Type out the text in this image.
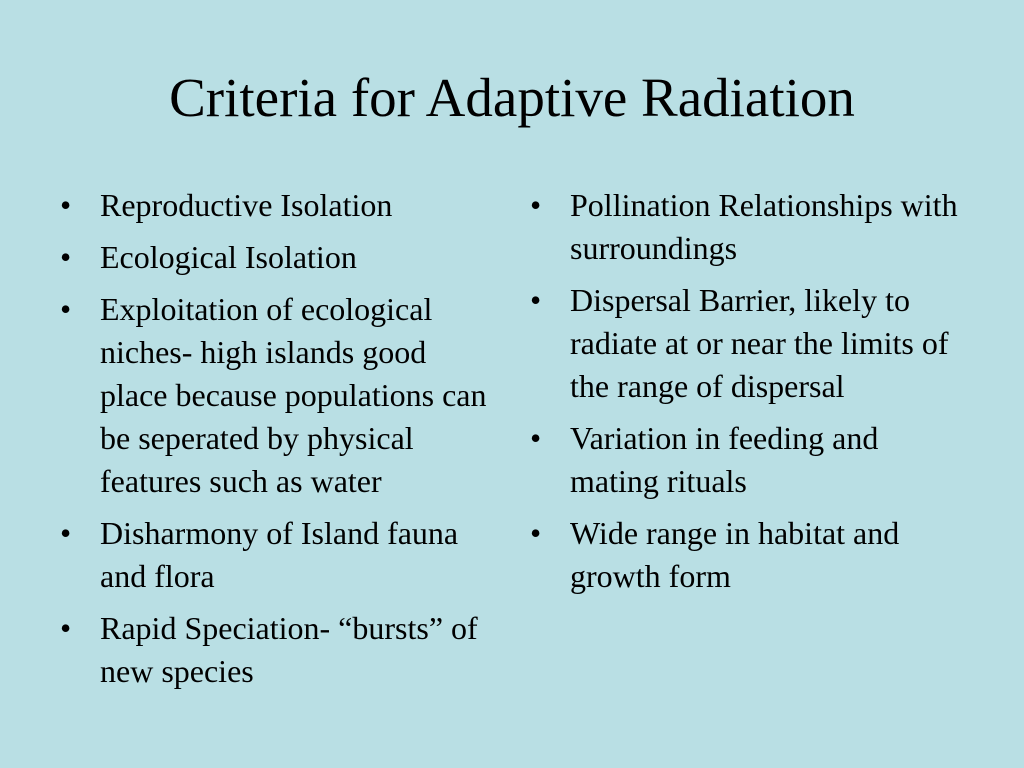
Criteria for Adaptive Radiation
• Reproductive Isolation
• Ecological Isolation
• Exploitation of ecological niches- high islands good place because populations can be seperated by physical features such as water
• Disharmony of Island fauna and flora
• Rapid Speciation- “bursts” of new species
• Pollination Relationships with surroundings
• Dispersal Barrier, likely to radiate at or near the limits of the range of dispersal
• Variation in feeding and mating rituals
• Wide range in habitat and growth form
